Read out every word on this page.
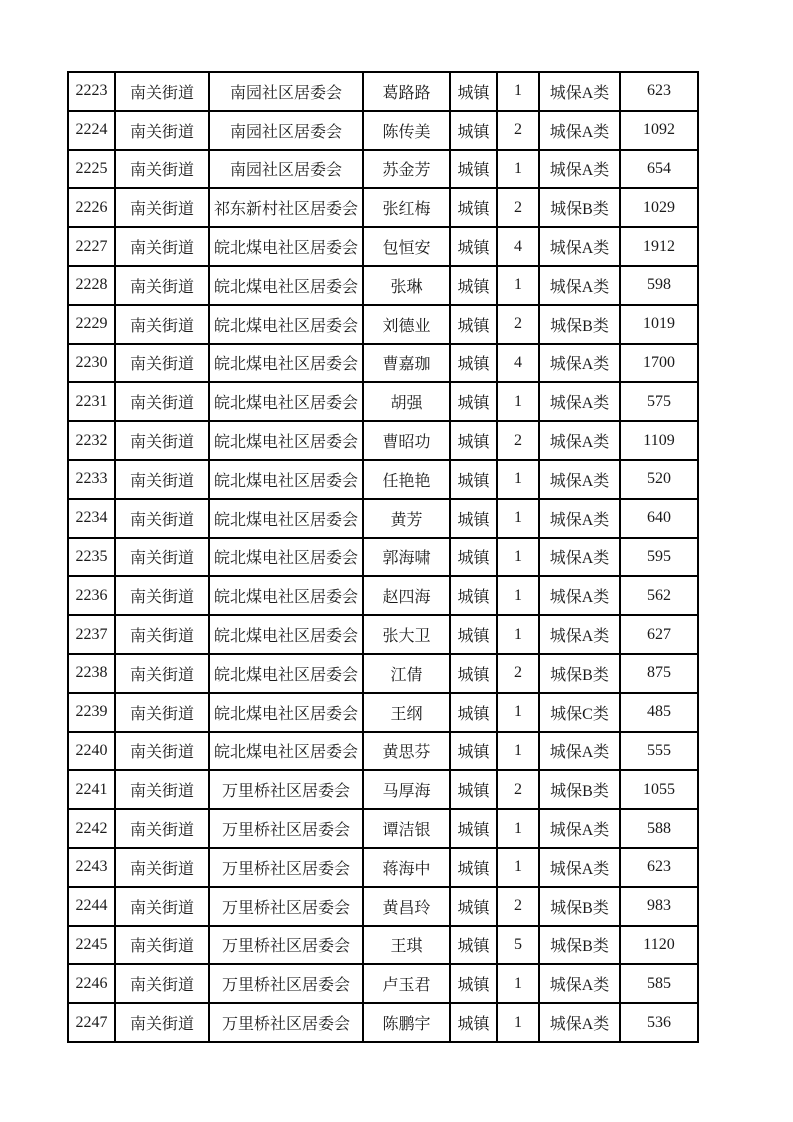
2223	南关街道	南园社区居委会	葛路路	城镇	1	城保A类	623
2224	南关街道	南园社区居委会	陈传美	城镇	2	城保A类	1092
2225	南关街道	南园社区居委会	苏金芳	城镇	1	城保A类	654
2226	南关街道	祁东新村社区居委会	张红梅	城镇	2	城保B类	1029
2227	南关街道	皖北煤电社区居委会	包恒安	城镇	4	城保A类	1912
2228	南关街道	皖北煤电社区居委会	张琳	城镇	1	城保A类	598
2229	南关街道	皖北煤电社区居委会	刘德业	城镇	2	城保B类	1019
2230	南关街道	皖北煤电社区居委会	曹嘉珈	城镇	4	城保A类	1700
2231	南关街道	皖北煤电社区居委会	胡强	城镇	1	城保A类	575
2232	南关街道	皖北煤电社区居委会	曹昭功	城镇	2	城保A类	1109
2233	南关街道	皖北煤电社区居委会	任艳艳	城镇	1	城保A类	520
2234	南关街道	皖北煤电社区居委会	黄芳	城镇	1	城保A类	640
2235	南关街道	皖北煤电社区居委会	郭海啸	城镇	1	城保A类	595
2236	南关街道	皖北煤电社区居委会	赵四海	城镇	1	城保A类	562
2237	南关街道	皖北煤电社区居委会	张大卫	城镇	1	城保A类	627
2238	南关街道	皖北煤电社区居委会	江倩	城镇	2	城保B类	875
2239	南关街道	皖北煤电社区居委会	王纲	城镇	1	城保C类	485
2240	南关街道	皖北煤电社区居委会	黄思芬	城镇	1	城保A类	555
2241	南关街道	万里桥社区居委会	马厚海	城镇	2	城保B类	1055
2242	南关街道	万里桥社区居委会	谭洁银	城镇	1	城保A类	588
2243	南关街道	万里桥社区居委会	蒋海中	城镇	1	城保A类	623
2244	南关街道	万里桥社区居委会	黄昌玲	城镇	2	城保B类	983
2245	南关街道	万里桥社区居委会	王琪	城镇	5	城保B类	1120
2246	南关街道	万里桥社区居委会	卢玉君	城镇	1	城保A类	585
2247	南关街道	万里桥社区居委会	陈鹏宇	城镇	1	城保A类	536
